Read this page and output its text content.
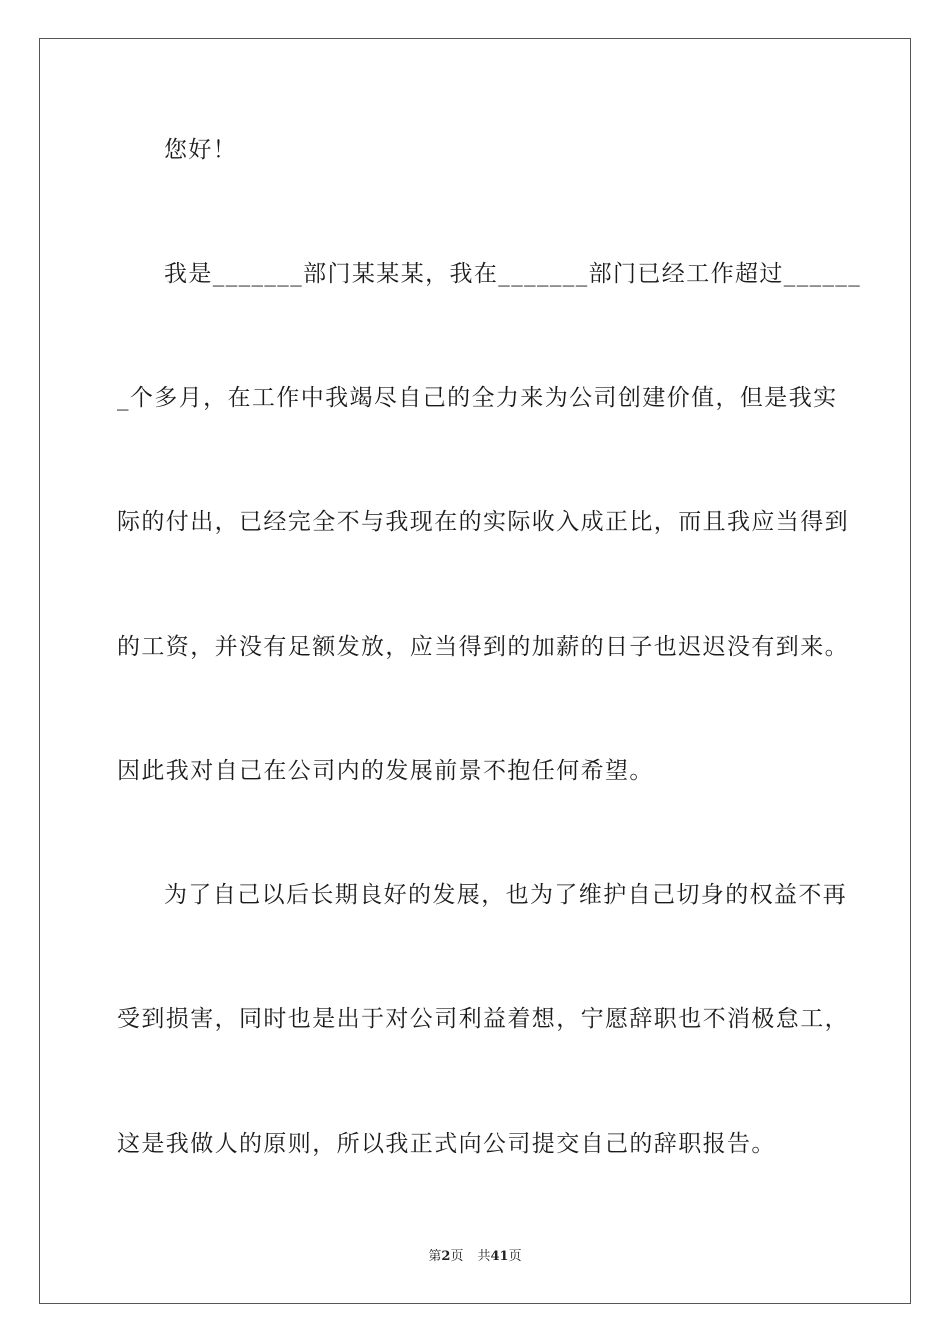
您好！
我是_______部门某某某，我在_______部门已经工作超过______
_个多月，在工作中我竭尽自己的全力来为公司创建价值，但是我实
际的付出，已经完全不与我现在的实际收入成正比，而且我应当得到
的工资，并没有足额发放，应当得到的加薪的日子也迟迟没有到来。
因此我对自己在公司内的发展前景不抱任何希望。
为了自己以后长期良好的发展，也为了维护自己切身的权益不再
受到损害，同时也是出于对公司利益着想，宁愿辞职也不消极怠工，
这是我做人的原则，所以我正式向公司提交自己的辞职报告。
第2页 共41页
